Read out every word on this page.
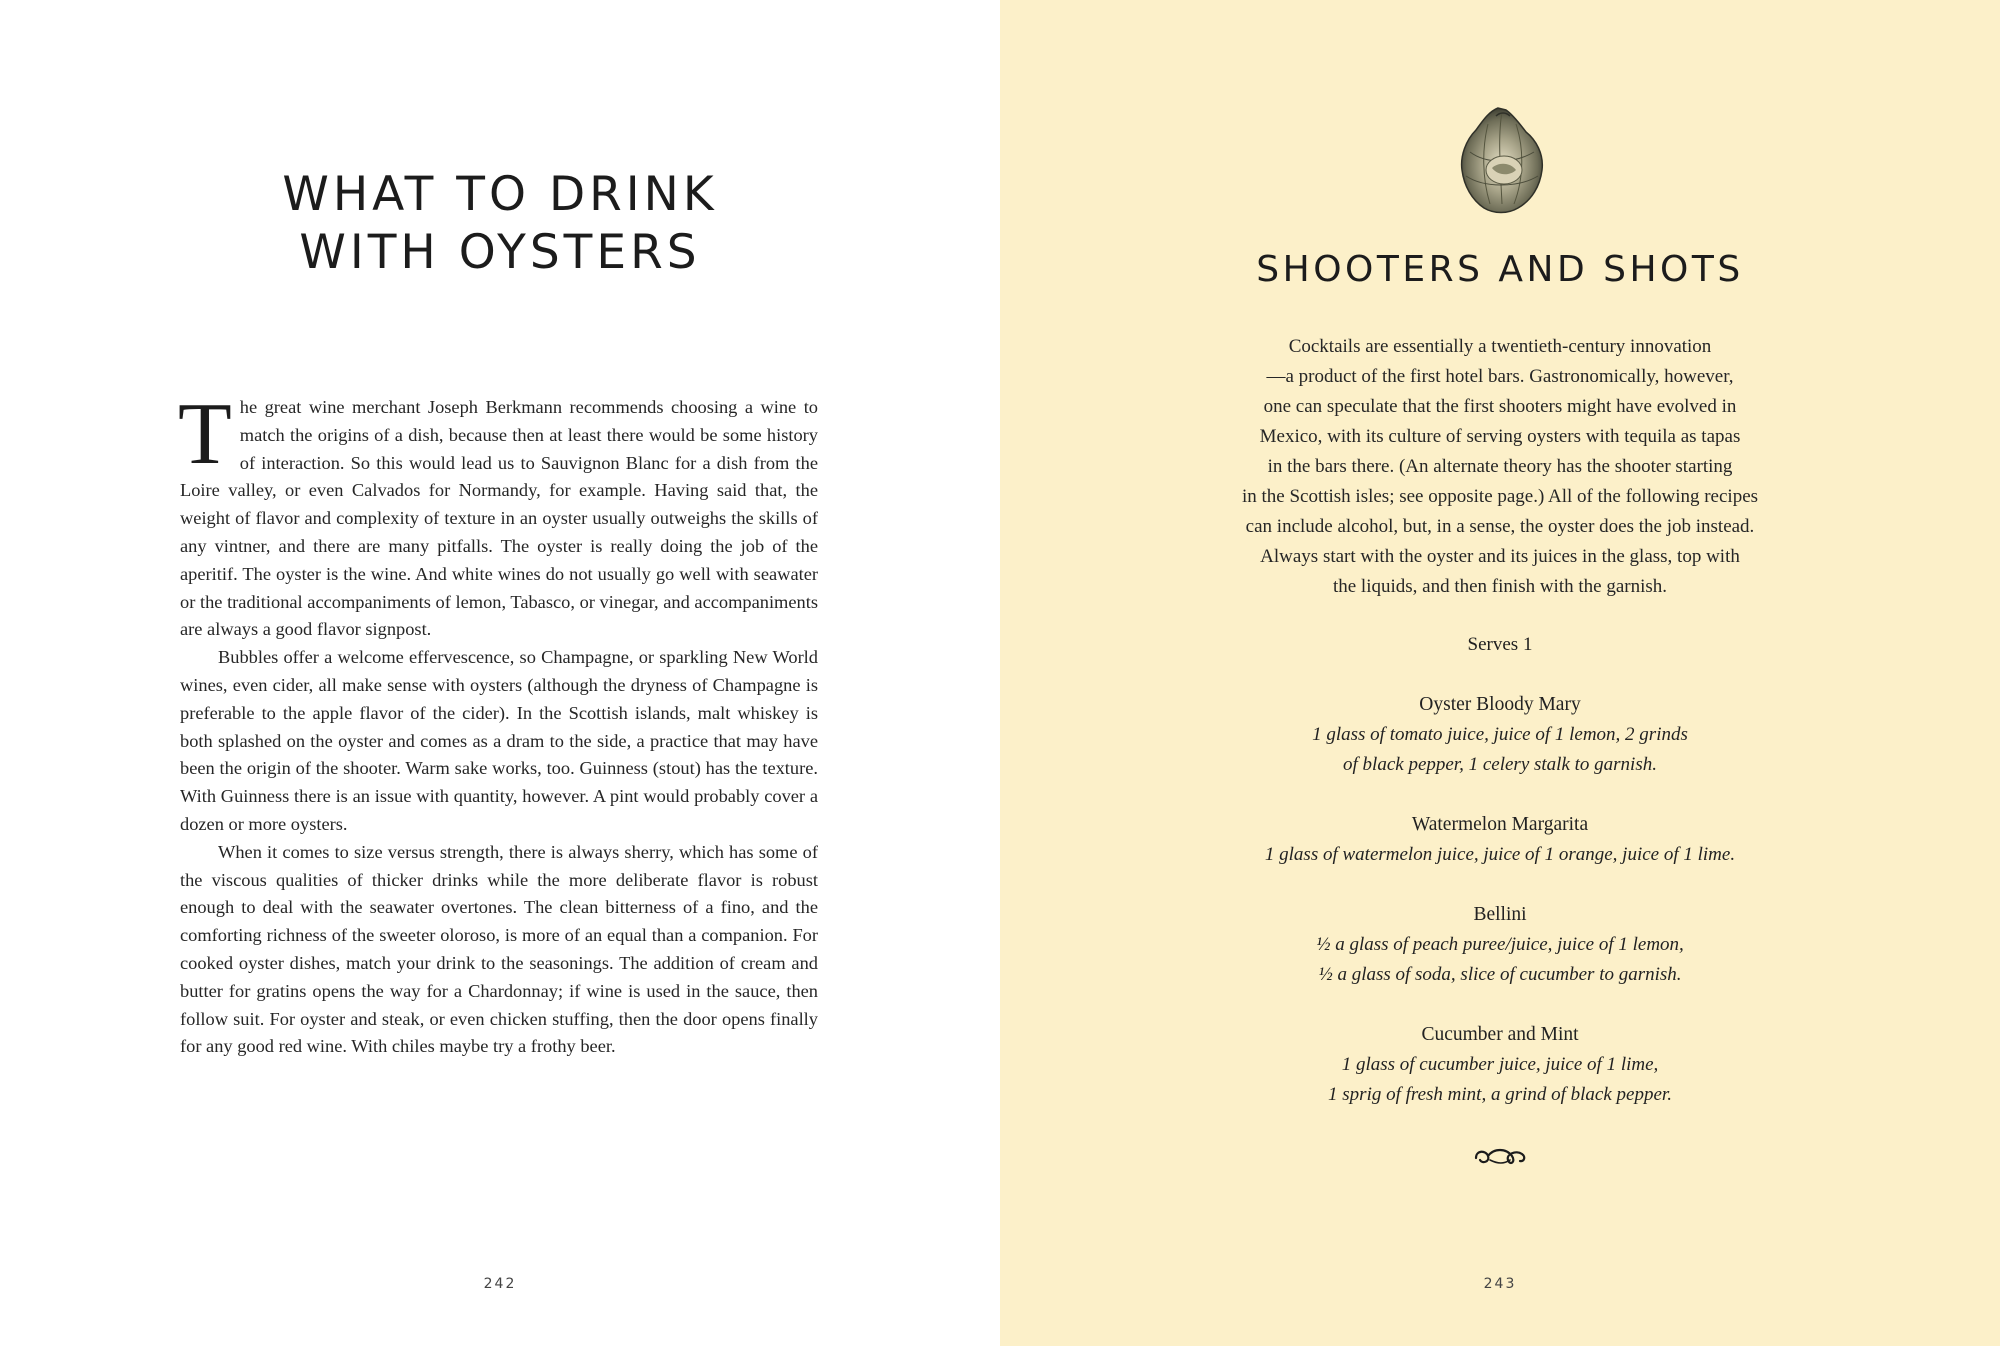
WHAT TO DRINK
WITH OYSTERS

The great wine merchant Joseph Berkmann recommends choosing a wine to match the origins of a dish, because then at least there would be some history of interaction. So this would lead us to Sauvignon Blanc for a dish from the Loire valley, or even Calvados for Normandy, for example. Having said that, the weight of flavor and complexity of texture in an oyster usually outweighs the skills of any vintner, and there are many pitfalls. The oyster is really doing the job of the aperitif. The oyster is the wine. And white wines do not usually go well with seawater or the traditional accompaniments of lemon, Tabasco, or vinegar, and accompaniments are always a good flavor signpost.

Bubbles offer a welcome effervescence, so Champagne, or sparkling New World wines, even cider, all make sense with oysters (although the dryness of Champagne is preferable to the apple flavor of the cider). In the Scottish islands, malt whiskey is both splashed on the oyster and comes as a dram to the side, a practice that may have been the origin of the shooter. Warm sake works, too. Guinness (stout) has the texture. With Guinness there is an issue with quantity, however. A pint would probably cover a dozen or more oysters.

When it comes to size versus strength, there is always sherry, which has some of the viscous qualities of thicker drinks while the more deliberate flavor is robust enough to deal with the seawater overtones. The clean bitterness of a fino, and the comforting richness of the sweeter oloroso, is more of an equal than a companion. For cooked oyster dishes, match your drink to the seasonings. The addition of cream and butter for gratins opens the way for a Chardonnay; if wine is used in the sauce, then follow suit. For oyster and steak, or even chicken stuffing, then the door opens finally for any good red wine. With chiles maybe try a frothy beer.

242
SHOOTERS AND SHOTS
Cocktails are essentially a twentieth-century innovation
—a product of the first hotel bars. Gastronomically, however,
one can speculate that the first shooters might have evolved in
Mexico, with its culture of serving oysters with tequila as tapas
in the bars there. (An alternate theory has the shooter starting
in the Scottish isles; see opposite page.) All of the following recipes
can include alcohol, but, in a sense, the oyster does the job instead.
Always start with the oyster and its juices in the glass, top with
the liquids, and then finish with the garnish.
Serves 1
Oyster Bloody Mary
1 glass of tomato juice, juice of 1 lemon, 2 grinds
of black pepper, 1 celery stalk to garnish.
Watermelon Margarita
1 glass of watermelon juice, juice of 1 orange, juice of 1 lime.
Bellini
½ a glass of peach puree/juice, juice of 1 lemon,
½ a glass of soda, slice of cucumber to garnish.
Cucumber and Mint
1 glass of cucumber juice, juice of 1 lime,
1 sprig of fresh mint, a grind of black pepper.
243
